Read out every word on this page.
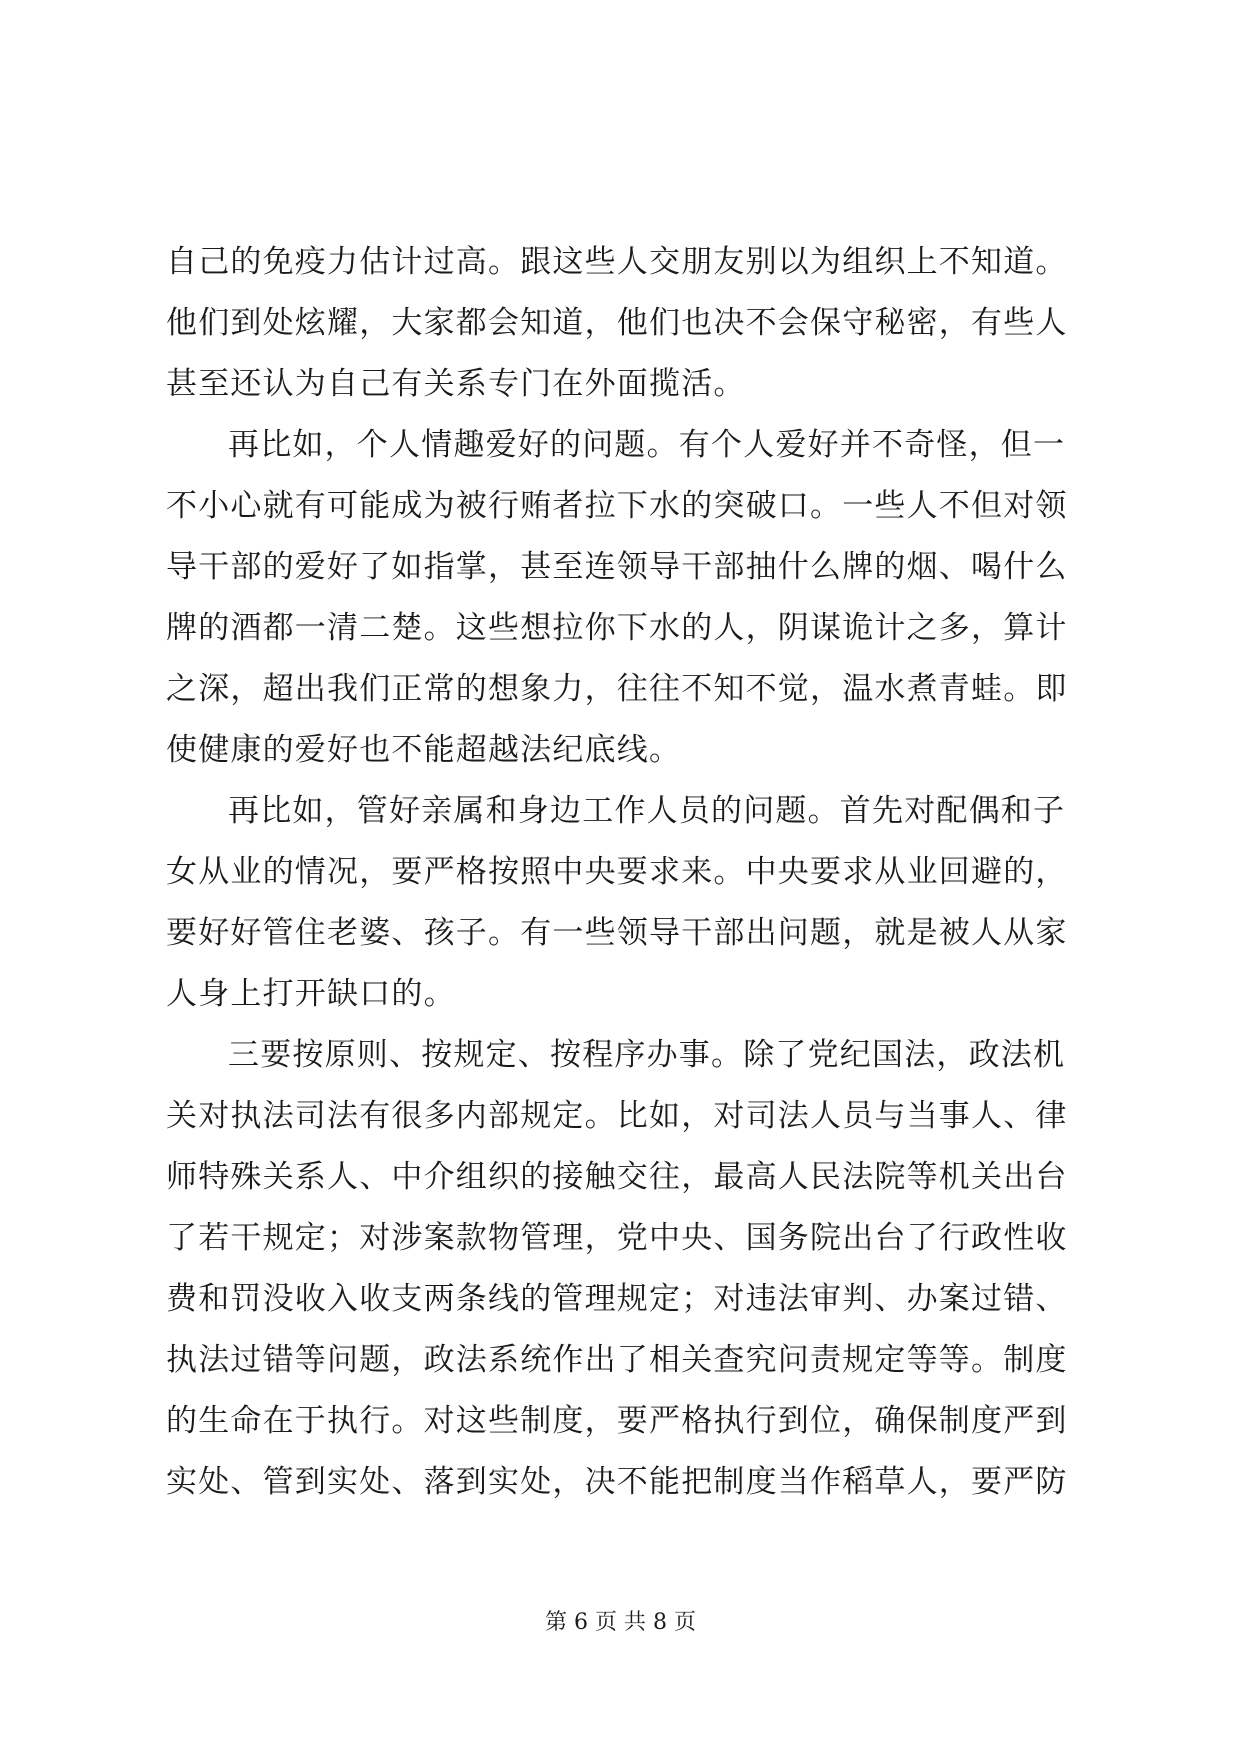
自己的免疫力估计过高。跟这些人交朋友别以为组织上不知道。
他们到处炫耀，大家都会知道，他们也决不会保守秘密，有些人
甚至还认为自己有关系专门在外面揽活。
再比如，个人情趣爱好的问题。有个人爱好并不奇怪，但一
不小心就有可能成为被行贿者拉下水的突破口。一些人不但对领
导干部的爱好了如指掌，甚至连领导干部抽什么牌的烟、喝什么
牌的酒都一清二楚。这些想拉你下水的人，阴谋诡计之多，算计
之深，超出我们正常的想象力，往往不知不觉，温水煮青蛙。即
使健康的爱好也不能超越法纪底线。
再比如，管好亲属和身边工作人员的问题。首先对配偶和子
女从业的情况，要严格按照中央要求来。中央要求从业回避的，
要好好管住老婆、孩子。有一些领导干部出问题，就是被人从家
人身上打开缺口的。
三要按原则、按规定、按程序办事。除了党纪国法，政法机
关对执法司法有很多内部规定。比如，对司法人员与当事人、律
师特殊关系人、中介组织的接触交往，最高人民法院等机关出台
了若干规定；对涉案款物管理，党中央、国务院出台了行政性收
费和罚没收入收支两条线的管理规定；对违法审判、办案过错、
执法过错等问题，政法系统作出了相关查究问责规定等等。制度
的生命在于执行。对这些制度，要严格执行到位，确保制度严到
实处、管到实处、落到实处，决不能把制度当作稻草人，要严防
第 6 页 共 8 页
